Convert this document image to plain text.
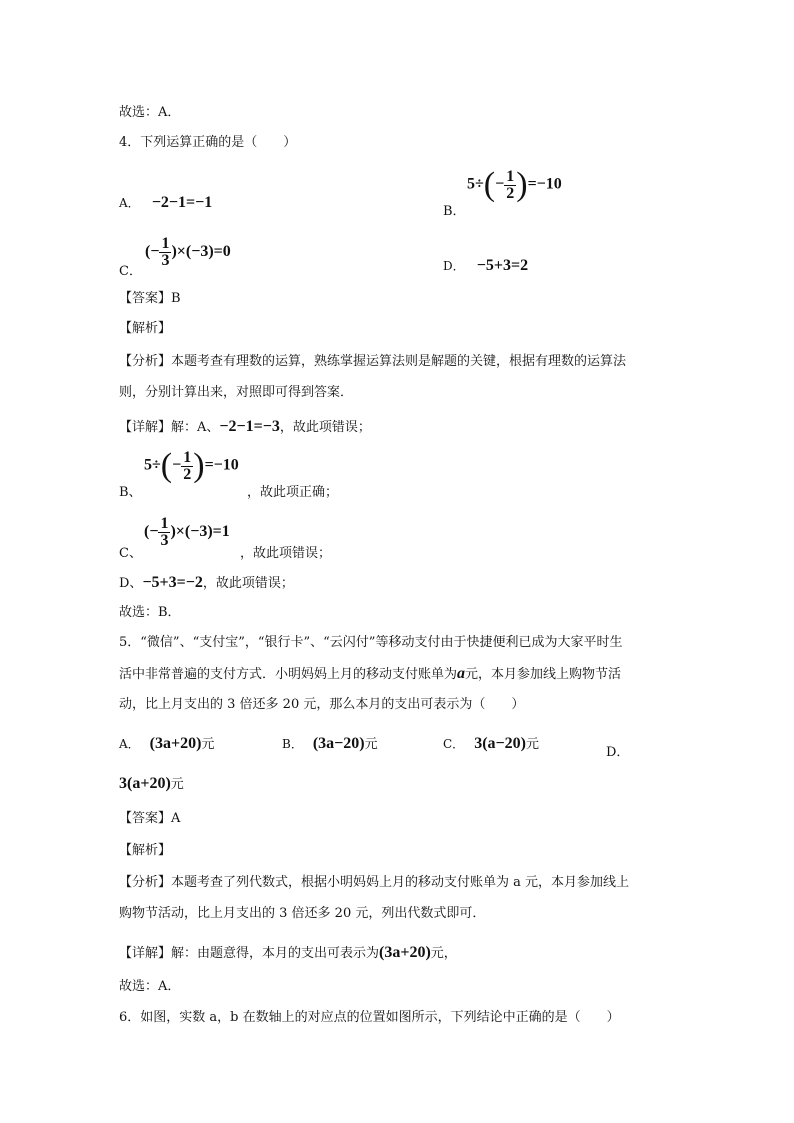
故选：A．
4．下列运算正确的是（　　）
A． −2−1=−1
B．
$5\div(- \frac{1}{2} )=-10$
C．
(− $\frac{1}{3} )\times(-3)=0$
D． −5+3=2
【答案】B
【解析】
【分析】本题考查有理数的运算，熟练掌握运算法则是解题的关键，根据有理数的运算法
则，分别计算出来，对照即可得到答案．
【详解】解：A、−2−1=−3，故此项错误；
$5\div(- \frac{1}{2} )=-10$
B、	，故此项正确；
(− $\frac{1}{3} )\times(-3)=1$
C、	，故此项错误；
D、−5+3=−2，故此项错误；
故选：B．
5．“微信”、“支付宝”，“银行卡”、“云闪付”等移动支付由于快捷便利已成为大家平时生
活中非常普遍的支付方式．小明妈妈上月的移动支付账单为a元，本月参加线上购物节活
动，比上月支出的 3 倍还多 20 元，那么本月的支出可表示为（　　）
A． (3a+20)元	B． (3a−20)元	C． 3(a−20)元
D．
3(a+20)元
【答案】A
【解析】
【分析】本题考查了列代数式，根据小明妈妈上月的移动支付账单为 a 元，本月参加线上
购物节活动，比上月支出的 3 倍还多 20 元，列出代数式即可．
【详解】解：由题意得，本月的支出可表示为(3a+20)元，
故选：A．
6．如图，实数 a，b 在数轴上的对应点的位置如图所示，下列结论中正确的是（　　）
